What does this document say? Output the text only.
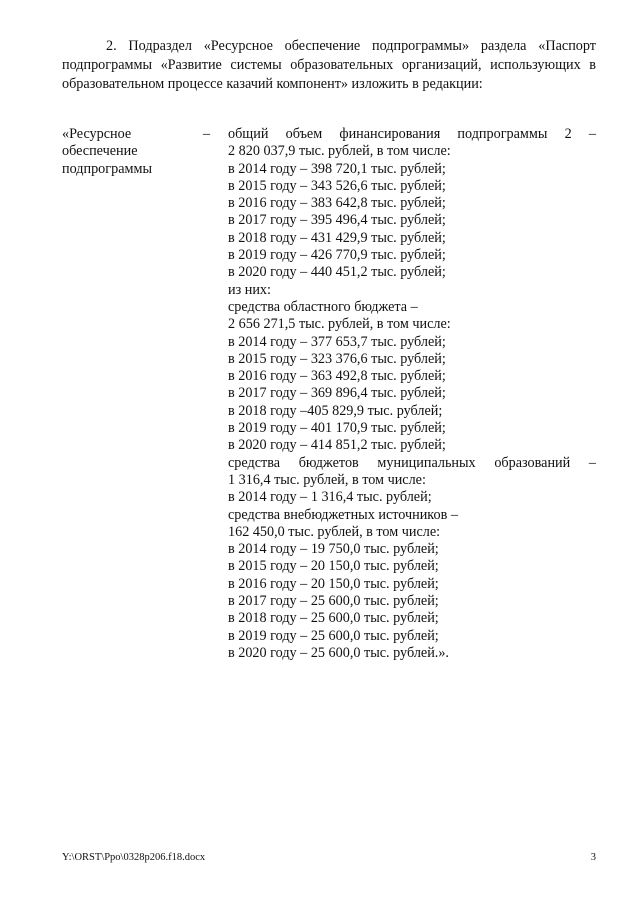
2. Подраздел «Ресурсное обеспечение подпрограммы» раздела «Паспорт подпрограммы «Развитие системы образовательных организаций, использующих в образовательном процессе казачий компонент» изложить в редакции:

«Ресурсное
обеспечение
подпрограммы
– общий объем финансирования подпрограммы 2 –
2 820 037,9 тыс. рублей, в том числе:
в 2014 году – 398 720,1 тыс. рублей;
в 2015 году – 343 526,6 тыс. рублей;
в 2016 году – 383 642,8 тыс. рублей;
в 2017 году – 395 496,4 тыс. рублей;
в 2018 году – 431 429,9 тыс. рублей;
в 2019 году – 426 770,9 тыс. рублей;
в 2020 году – 440 451,2 тыс. рублей;
из них:
средства областного бюджета –
2 656 271,5 тыс. рублей, в том числе:
в 2014 году – 377 653,7 тыс. рублей;
в 2015 году – 323 376,6 тыс. рублей;
в 2016 году – 363 492,8 тыс. рублей;
в 2017 году – 369 896,4 тыс. рублей;
в 2018 году –405 829,9 тыс. рублей;
в 2019 году – 401 170,9 тыс. рублей;
в 2020 году – 414 851,2 тыс. рублей;
средства бюджетов муниципальных образований –
1 316,4 тыс. рублей, в том числе:
в 2014 году – 1 316,4 тыс. рублей;
средства внебюджетных источников –
162 450,0 тыс. рублей, в том числе:
в 2014 году – 19 750,0 тыс. рублей;
в 2015 году – 20 150,0 тыс. рублей;
в 2016 году – 20 150,0 тыс. рублей;
в 2017 году – 25 600,0 тыс. рублей;
в 2018 году – 25 600,0 тыс. рублей;
в 2019 году – 25 600,0 тыс. рублей;
в 2020 году – 25 600,0 тыс. рублей.».
Y:\ORST\Ppo\0328p206.f18.docx	3
